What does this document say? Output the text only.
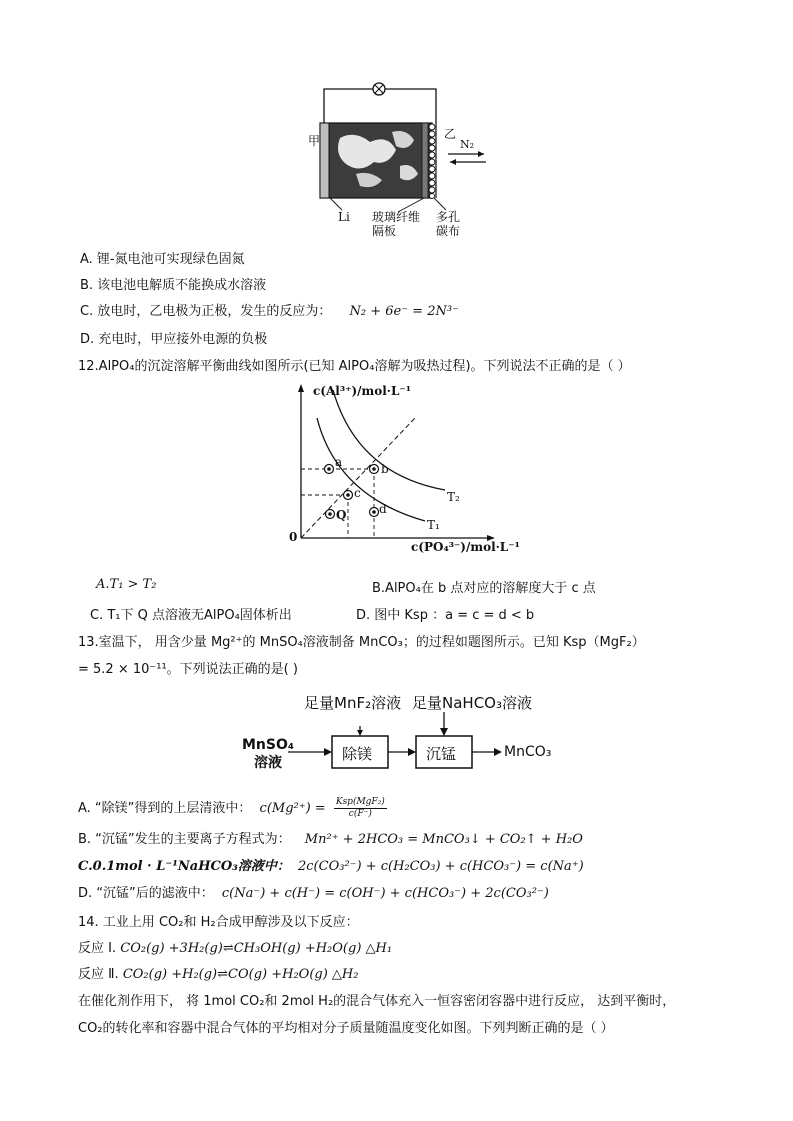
甲	乙
N₂
Li 玻璃纤维
隔板
多孔
碳布
A. 锂-氮电池可实现绿色固氮
B. 该电池电解质不能换成水溶液
C. 放电时，乙电极为正极，发生的反应为： N₂ + 6e⁻ = 2N³⁻
D. 充电时，甲应接外电源的负极
12.AlPO₄的沉淀溶解平衡曲线如图所示(已知 AlPO₄溶解为吸热过程)。下列说法不正确的是（ ）
c(Al³⁺)/mol·L⁻¹
c(PO₄³⁻)/mol·L⁻¹
0
T₂
T₁
a	b
c
d
Q
A.T₁ > T₂	B.AlPO₄在 b 点对应的溶解度大于 c 点
C. T₁下 Q 点溶液无AlPO₄固体析出	D. 图中 Ksp ：a = c = d < b
13.室温下， 用含少量 Mg²⁺的 MnSO₄溶液制备 MnCO₃；的过程如题图所示。已知 Ksp（MgF₂）
= 5.2 × 10⁻¹¹。下列说法正确的是( )
足量MnF₂溶液 足量NaHCO₃溶液
MnSO₄
溶液	除镁	沉锰	MnCO₃
A. “除镁”得到的上层清液中： c(Mg²⁺) = Ksp(MgF₂)
c(F⁻)
B. “沉锰”发生的主要离子方程式为： Mn²⁺ + 2HCO₃ = MnCO₃↓ + CO₂↑ + H₂O
C.0.1mol · L⁻¹NaHCO₃溶液中： 2c(CO₃²⁻) + c(H₂CO₃) + c(HCO₃⁻) = c(Na⁺)
D. “沉锰”后的滤液中： c(Na⁻) + c(H⁻) = c(OH⁻) + c(HCO₃⁻) + 2c(CO₃²⁻)
14. 工业上用 CO₂和 H₂合成甲醇涉及以下反应：
反应 Ⅰ. CO₂(g) +3H₂(g)⇌CH₃OH(g) +H₂O(g) △H₁
反应 Ⅱ. CO₂(g) +H₂(g)⇌CO(g) +H₂O(g) △H₂
在催化剂作用下， 将 1mol CO₂和 2mol H₂的混合气体充入一恒容密闭容器中进行反应， 达到平衡时，
CO₂的转化率和容器中混合气体的平均相对分子质量随温度变化如图。下列判断正确的是（ ）
